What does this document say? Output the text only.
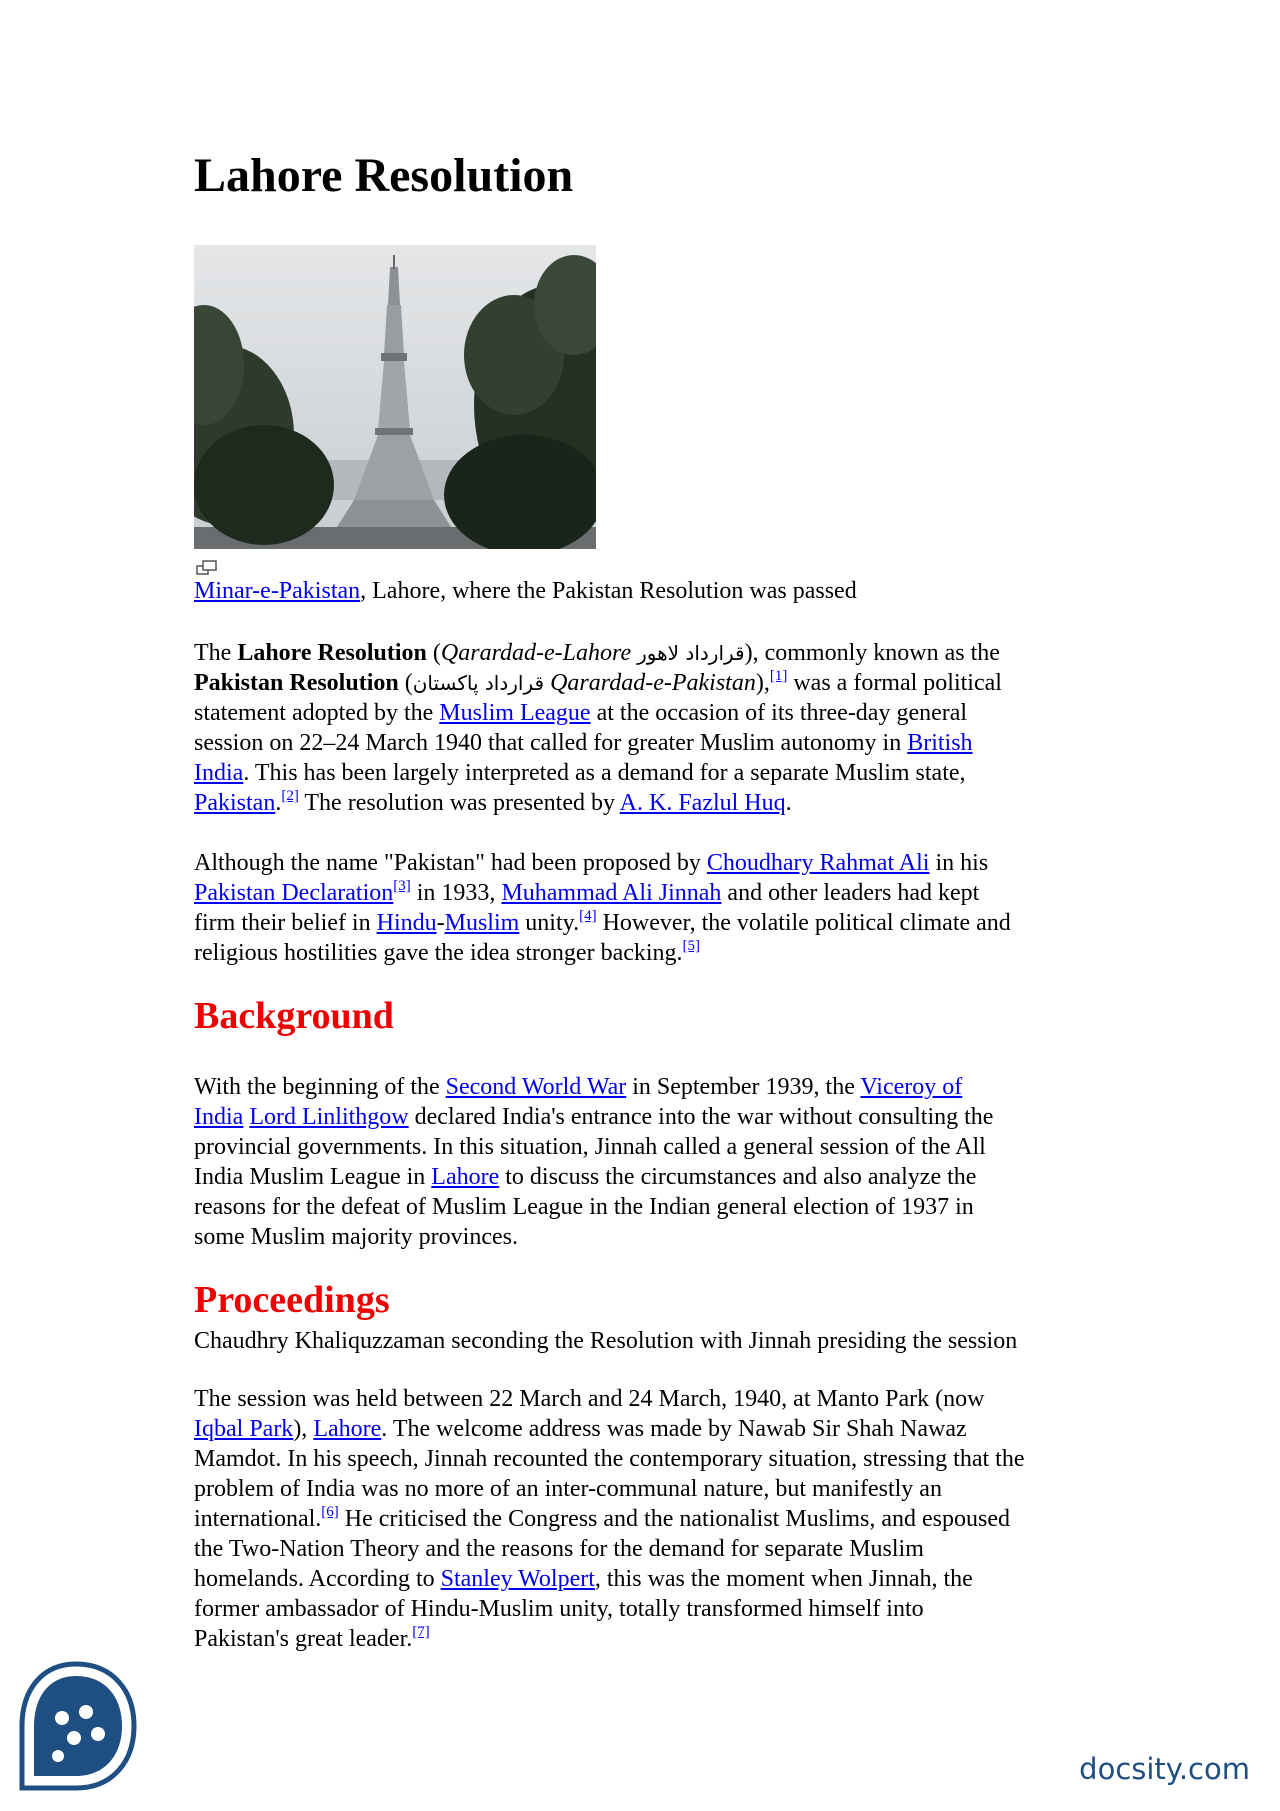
Lahore Resolution
Minar-e-Pakistan, Lahore, where the Pakistan Resolution was passed
The Lahore Resolution (Qarardad-e-Lahore قرارداد لاهور), commonly known as the
Pakistan Resolution (قرارداد پاکستان Qarardad-e-Pakistan),[1] was a formal political
statement adopted by the Muslim League at the occasion of its three-day general
session on 22–24 March 1940 that called for greater Muslim autonomy in British
India. This has been largely interpreted as a demand for a separate Muslim state,
Pakistan.[2] The resolution was presented by A. K. Fazlul Huq.
Although the name "Pakistan" had been proposed by Choudhary Rahmat Ali in his
Pakistan Declaration[3] in 1933, Muhammad Ali Jinnah and other leaders had kept
firm their belief in Hindu-Muslim unity.[4] However, the volatile political climate and
religious hostilities gave the idea stronger backing.[5]
Background
With the beginning of the Second World War in September 1939, the Viceroy of
India Lord Linlithgow declared India's entrance into the war without consulting the
provincial governments. In this situation, Jinnah called a general session of the All
India Muslim League in Lahore to discuss the circumstances and also analyze the
reasons for the defeat of Muslim League in the Indian general election of 1937 in
some Muslim majority provinces.
Proceedings
Chaudhry Khaliquzzaman seconding the Resolution with Jinnah presiding the session
The session was held between 22 March and 24 March, 1940, at Manto Park (now
Iqbal Park), Lahore. The welcome address was made by Nawab Sir Shah Nawaz
Mamdot. In his speech, Jinnah recounted the contemporary situation, stressing that the
problem of India was no more of an inter-communal nature, but manifestly an
international.[6] He criticised the Congress and the nationalist Muslims, and espoused
the Two-Nation Theory and the reasons for the demand for separate Muslim
homelands. According to Stanley Wolpert, this was the moment when Jinnah, the
former ambassador of Hindu-Muslim unity, totally transformed himself into
Pakistan's great leader.[7]
docsity.com
